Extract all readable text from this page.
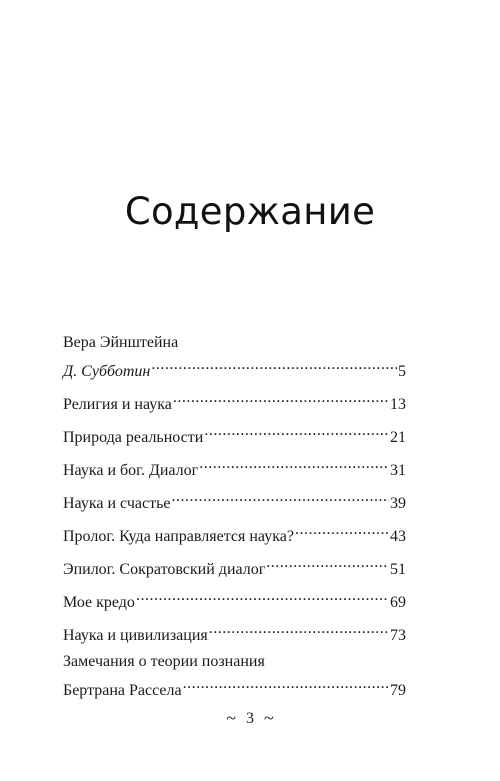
Содержание
Вера Эйнштейна
Д. Субботин .....	5
Религия и наука .....	13
Природа реальности .....	21
Наука и бог. Диалог .....	31
Наука и счастье .....	39
Пролог. Куда направляется наука? .....	43
Эпилог. Сократовский диалог .....	51
Мое кредо .....	69
Наука и цивилизация .....	73
Замечания о теории познания
Бертрана Рассела .....	79
~ 3 ~
